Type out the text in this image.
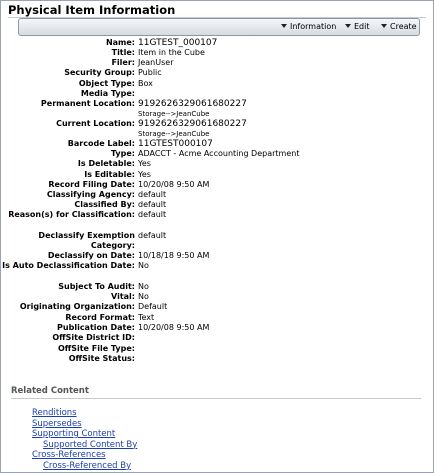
Physical Item Information
Information	Edit	Create
Name: 11GTEST_000107
Title: Item in the Cube
Filer: JeanUser
Security Group: Public
Object Type: Box
Media Type:
Permanent Location: 9192626329061680227
Storage-->JeanCube
Current Location: 9192626329061680227
Storage-->JeanCube
Barcode Label: 11GTEST000107
Type: ADACCT - Acme Accounting Department
Is Deletable: Yes
Is Editable: Yes
Record Filing Date: 10/20/08 9:50 AM
Classifying Agency: default
Classified By: default
Reason(s) for Classification: default
Declassify Exemption Category:
default
Declassify on Date: 10/18/18 9:50 AM
Is Auto Declassification Date: No
Subject To Audit: No
Vital: No
Originating Organization: Default
Record Format: Text
Publication Date: 10/20/08 9:50 AM
OffSite District ID:
OffSite File Type:
OffSite Status:
Related Content
Renditions
Supersedes
Supporting Content
Supported Content By
Cross-References
Cross-Referenced By
